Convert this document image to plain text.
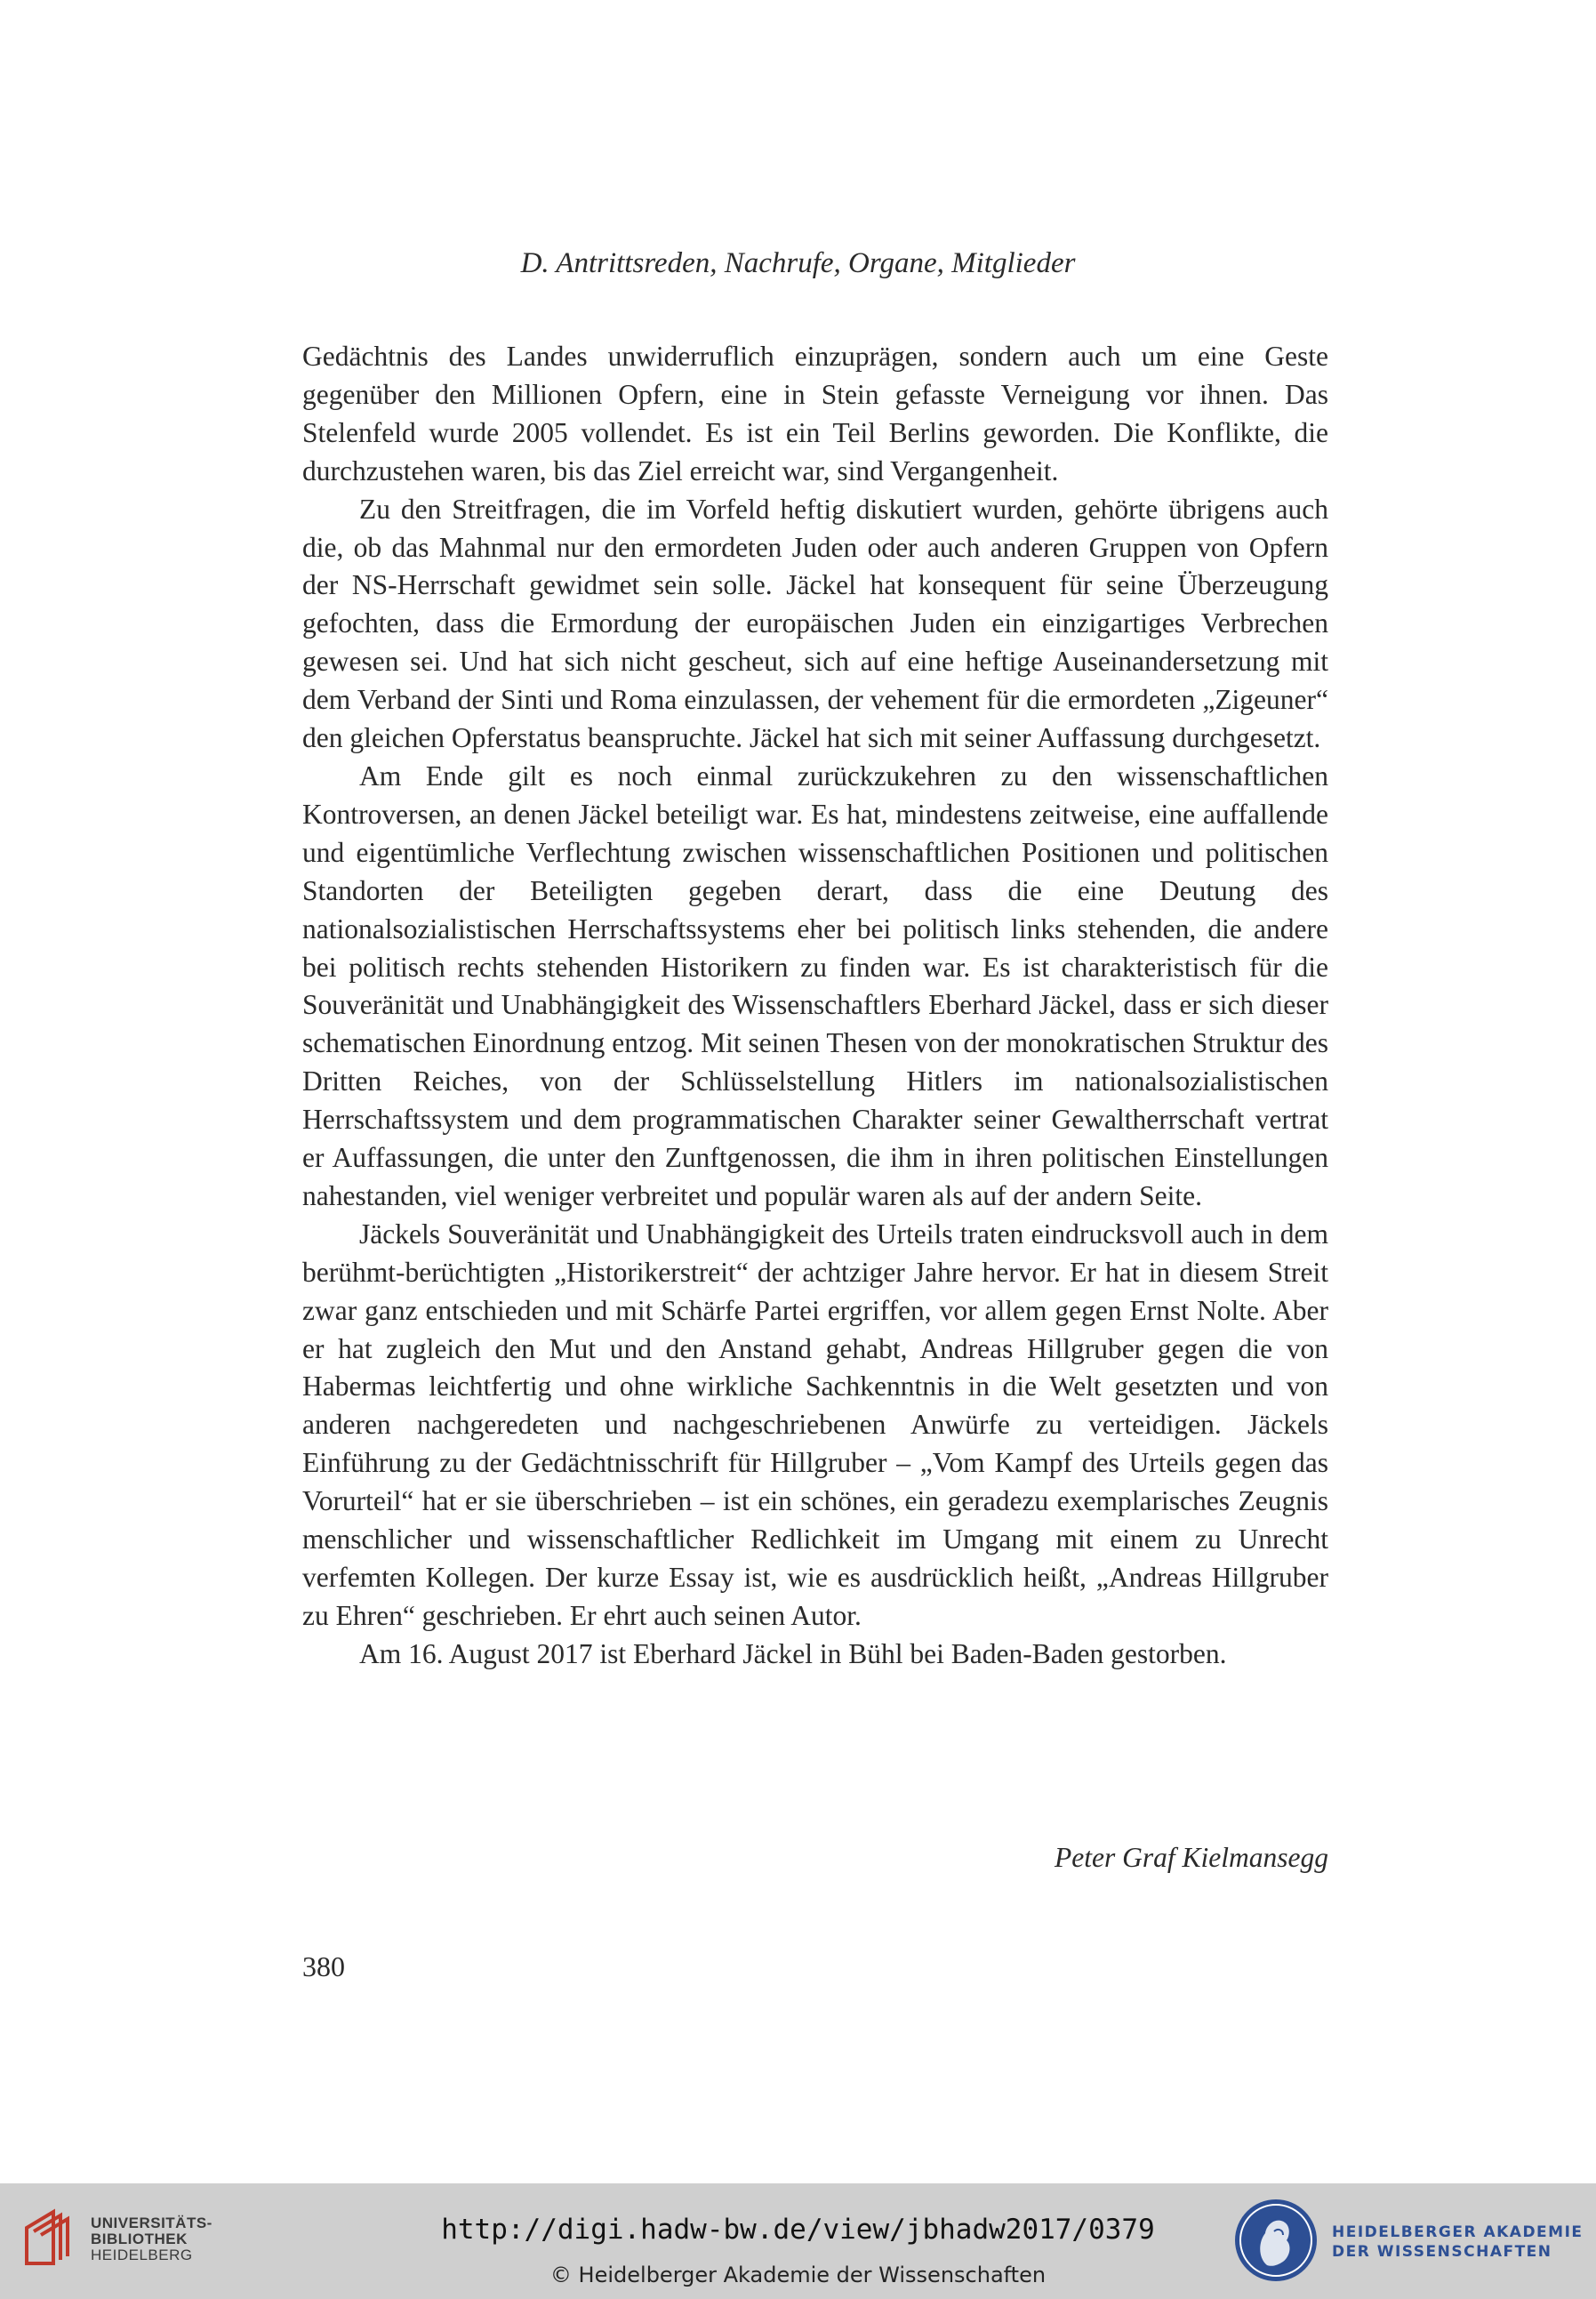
D. Antrittsreden, Nachrufe, Organe, Mitglieder

Gedächtnis des Landes unwiderruflich einzuprägen, sondern auch um eine Geste gegenüber den Millionen Opfern, eine in Stein gefasste Verneigung vor ihnen. Das Stelenfeld wurde 2005 vollendet. Es ist ein Teil Berlins geworden. Die Konflikte, die durchzustehen waren, bis das Ziel erreicht war, sind Vergangenheit.

Zu den Streitfragen, die im Vorfeld heftig diskutiert wurden, gehörte übrigens auch die, ob das Mahnmal nur den ermordeten Juden oder auch anderen Gruppen von Opfern der NS-Herrschaft gewidmet sein solle. Jäckel hat konsequent für seine Überzeugung gefochten, dass die Ermordung der europäischen Juden ein einzigartiges Verbrechen gewesen sei. Und hat sich nicht gescheut, sich auf eine heftige Auseinandersetzung mit dem Verband der Sinti und Roma einzulassen, der vehement für die ermordeten „Zigeuner“ den gleichen Opferstatus beanspruchte. Jäckel hat sich mit seiner Auffassung durchgesetzt.

Am Ende gilt es noch einmal zurückzukehren zu den wissenschaftlichen Kontroversen, an denen Jäckel beteiligt war. Es hat, mindestens zeitweise, eine auffallende und eigentümliche Verflechtung zwischen wissenschaftlichen Positionen und politischen Standorten der Beteiligten gegeben derart, dass die eine Deutung des nationalsozialistischen Herrschaftssystems eher bei politisch links stehenden, die andere bei politisch rechts stehenden Historikern zu finden war. Es ist charakteristisch für die Souveränität und Unabhängigkeit des Wissenschaftlers Eberhard Jäckel, dass er sich dieser schematischen Einordnung entzog. Mit seinen Thesen von der monokratischen Struktur des Dritten Reiches, von der Schlüsselstellung Hitlers im nationalsozialistischen Herrschaftssystem und dem programmatischen Charakter seiner Gewaltherrschaft vertrat er Auffassungen, die unter den Zunftgenossen, die ihm in ihren politischen Einstellungen nahestanden, viel weniger verbreitet und populär waren als auf der andern Seite.

Jäckels Souveränität und Unabhängigkeit des Urteils traten eindrucksvoll auch in dem berühmt-berüchtigten „Historikerstreit“ der achtziger Jahre hervor. Er hat in diesem Streit zwar ganz entschieden und mit Schärfe Partei ergriffen, vor allem gegen Ernst Nolte. Aber er hat zugleich den Mut und den Anstand gehabt, Andreas Hillgruber gegen die von Habermas leichtfertig und ohne wirkliche Sachkenntnis in die Welt gesetzten und von anderen nachgeredeten und nachgeschriebenen Anwürfe zu verteidigen. Jäckels Einführung zu der Gedächtnisschrift für Hillgruber – „Vom Kampf des Urteils gegen das Vorurteil“ hat er sie überschrieben – ist ein schönes, ein geradezu exemplarisches Zeugnis menschlicher und wissenschaftlicher Redlichkeit im Umgang mit einem zu Unrecht verfemten Kollegen. Der kurze Essay ist, wie es ausdrücklich heißt, „Andreas Hillgruber zu Ehren“ geschrieben. Er ehrt auch seinen Autor.

Am 16. August 2017 ist Eberhard Jäckel in Bühl bei Baden-Baden gestorben.

Peter Graf Kielmansegg
380
UNIVERSITÄTS-
BIBLIOTHEK
HEIDELBERG
http://digi.hadw-bw.de/view/jbhadw2017/0379
© Heidelberger Akademie der Wissenschaften
HEIDELBERGER AKADEMIE
DER WISSENSCHAFTEN
